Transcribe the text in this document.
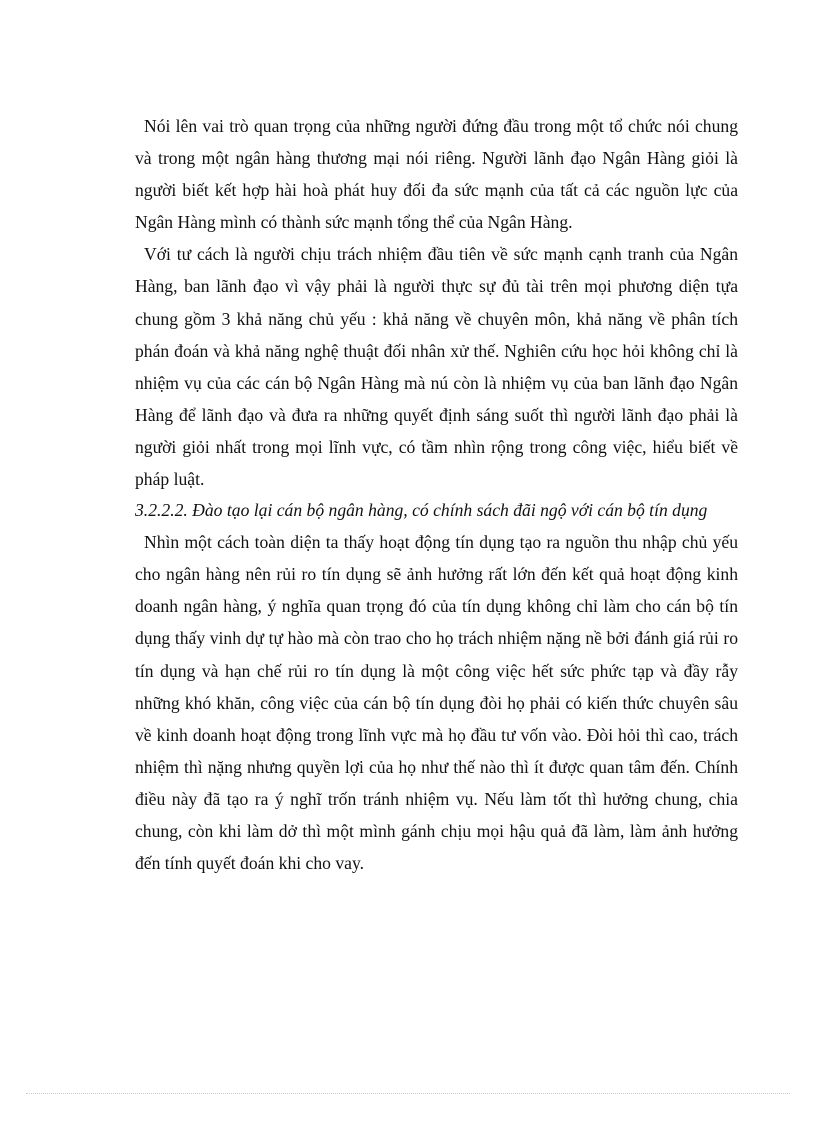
Nói lên vai trò quan trọng của những người đứng đầu trong một tổ chức nói chung và trong một ngân hàng thương mại nói riêng. Người lãnh đạo Ngân Hàng giỏi là người biết kết hợp hài hoà phát huy đối đa sức mạnh của tất cả các nguồn lực của Ngân Hàng mình có thành sức mạnh tổng thể của Ngân Hàng.

Với tư cách là người chịu trách nhiệm đầu tiên về sức mạnh cạnh tranh của Ngân Hàng, ban lãnh đạo vì vậy phải là người thực sự đủ tài trên mọi phương diện tựa chung gồm 3 khả năng chủ yếu : khả năng về chuyên môn, khả năng về phân tích phán đoán và khả năng nghệ thuật đối nhân xử thế. Nghiên cứu học hỏi không chỉ là nhiệm vụ của các cán bộ Ngân Hàng mà nú còn là nhiệm vụ của ban lãnh đạo Ngân Hàng để lãnh đạo và đưa ra những quyết định sáng suốt thì người lãnh đạo phải là người giỏi nhất trong mọi lĩnh vực, có tầm nhìn rộng trong công việc, hiểu biết về pháp luật.

3.2.2.2. Đào tạo lại cán bộ ngân hàng, có chính sách đãi ngộ với cán bộ tín dụng

Nhìn một cách toàn diện ta thấy hoạt động tín dụng tạo ra nguồn thu nhập chủ yếu cho ngân hàng nên rủi ro tín dụng sẽ ảnh hưởng rất lớn đến kết quả hoạt động kinh doanh ngân hàng, ý nghĩa quan trọng đó của tín dụng không chỉ làm cho cán bộ tín dụng thấy vinh dự tự hào mà còn trao cho họ trách nhiệm nặng nề bởi đánh giá rủi ro tín dụng và hạn chế rủi ro tín dụng là một công việc hết sức phức tạp và đầy rẫy những khó khăn, công việc của cán bộ tín dụng đòi họ phải có kiến thức chuyên sâu về kinh doanh hoạt động trong lĩnh vực mà họ đầu tư vốn vào. Đòi hỏi thì cao, trách nhiệm thì nặng nhưng quyền lợi của họ như thế nào thì ít được quan tâm đến. Chính điều này đã tạo ra ý nghĩ trốn tránh nhiệm vụ. Nếu làm tốt thì hưởng chung, chia chung, còn khi làm dở thì một mình gánh chịu mọi hậu quả đã làm, làm ảnh hưởng đến tính quyết đoán khi cho vay.
